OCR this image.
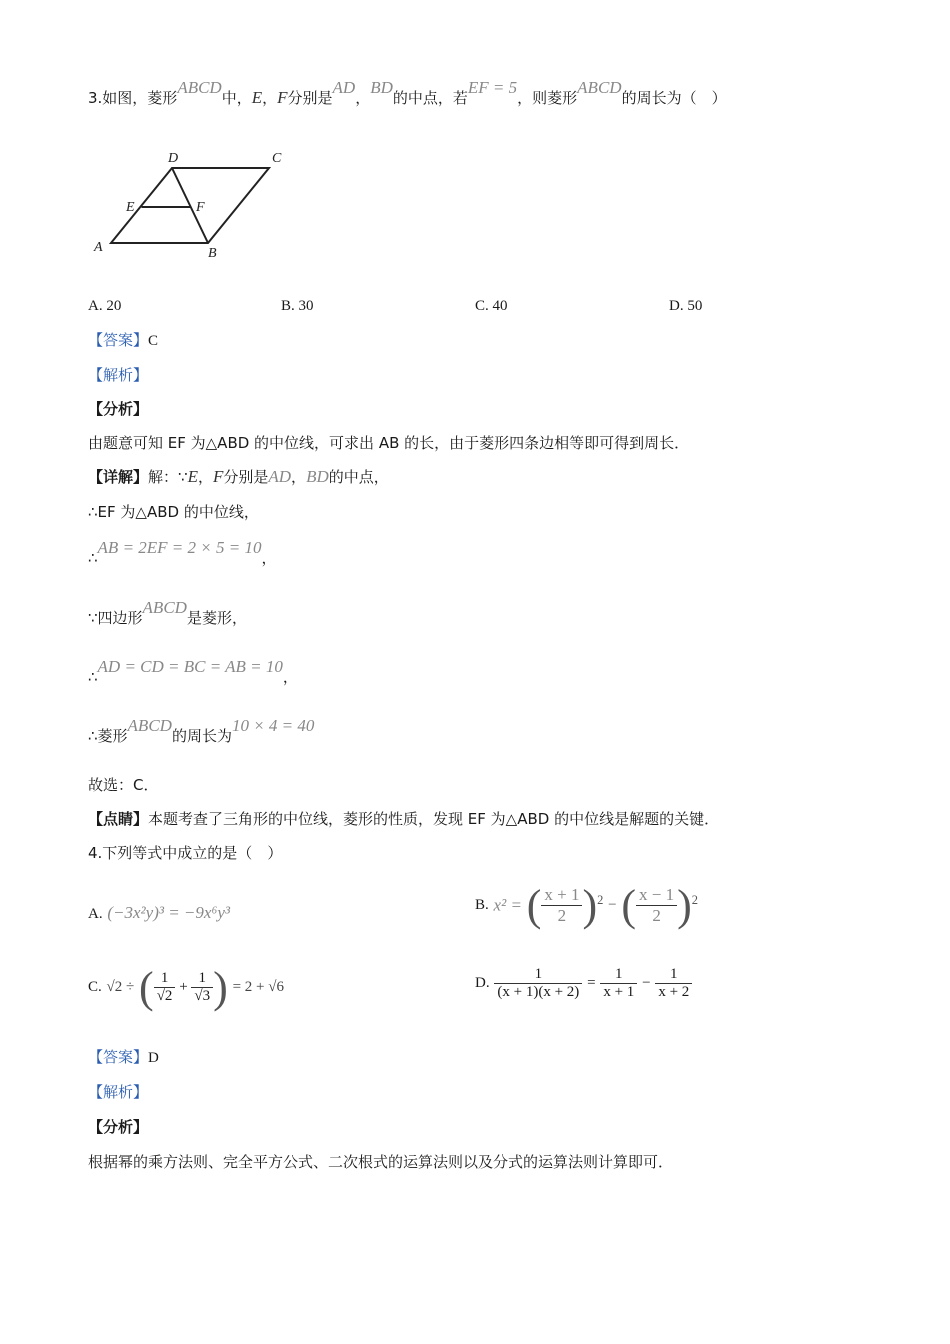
3.如图，菱形ABCD中，E，F分别是AD，BD的中点，若EF = 5，则菱形ABCD的周长为（　）
A	B
C
D
E	F
A. 20	B. 30	C. 40	D. 50
【答案】C
【解析】
【分析】
由题意可知 EF 为△ABD 的中位线，可求出 AB 的长，由于菱形四条边相等即可得到周长．
【详解】解：∵E，F分别是AD，BD的中点，
∴EF 为△ABD 的中位线，
∴AB = 2EF = 2 × 5 = 10，
∵四边形ABCD是菱形，
∴AD = CD = BC = AB = 10，
∴菱形ABCD的周长为10 × 4 = 40
故选：C．
【点睛】本题考查了三角形的中位线，菱形的性质，发现 EF 为△ABD 的中位线是解题的关键．
4.下列等式中成立的是（　）
A. (−3x²y)³ = −9x⁶y³	B. x² = ( $\frac{x + 1}{2} )^2$ − ( $\frac{x - 1}{2} )^2$
C. √2 ÷ ( $\frac{1}{√2} + \frac{1}{√3}$ ) = 2 + √6	D. $\frac{1}{(x + 1)(x + 2)} = \frac{1}{x + 1} - \frac{1}{x + 2}$
【答案】D
【解析】
【分析】
根据幂的乘方法则、完全平方公式、二次根式的运算法则以及分式的运算法则计算即可．
